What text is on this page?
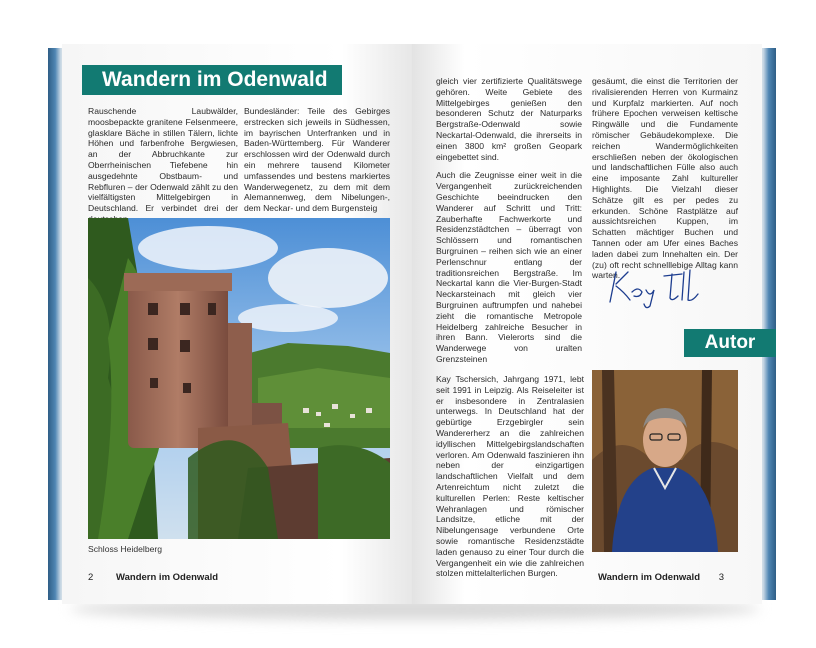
Wandern im Odenwald
Rauschende Laubwälder, moosbepackte granitene Felsenmeere, glasklare Bäche in stillen Tälern, lichte Höhen und farbenfrohe Bergwiesen, an der Abbruchkante zur Oberrheinischen Tiefebene hin ausgedehnte Obstbaum- und Rebfluren – der Odenwald zählt zu den vielfältigsten Mittelgebirgen in Deutschland. Er verbindet drei der
Bundesländer: Teile des Gebirges erstrecken sich jeweils in Südhessen, im bayrischen Unterfranken und in Baden-Württemberg. Für Wanderer erschlossen wird der Odenwald durch ein mehrere tausend Kilometer umfassendes und bestens markiertes Wanderwegenetz, zu dem mit dem Alemannenweg, dem Nibelungen-, dem Neckar- und dem Burgensteig
Schloss Heidelberg
2 Wandern im Odenwald
gleich vier zertifizierte Qualitätswege gehören. Weite Gebiete des Mittelgebirges genießen den besonderen Schutz der Naturparks Bergstraße-Odenwald sowie Neckartal-Odenwald, die ihrerseits in einen 3800 km² großen Geopark eingebettet sind.
Auch die Zeugnisse einer weit in die Vergangenheit zurückreichenden Geschichte beeindrucken den Wanderer auf Schritt und Tritt: Zauberhafte Fachwerkorte und Residenzstädtchen – überragt von Schlössern und romantischen Burgruinen – reihen sich wie an einer Perlenschnur entlang der traditionsreichen Bergstraße. Im Neckartal kann die Vier-Burgen-Stadt Neckarsteinach mit gleich vier Burgruinen auftrumpfen und nahebei zieht die romantische Metropole Heidelberg zahlreiche Besucher in ihren Bann. Vielerorts sind die Wanderwege von uralten Grenzsteinen
gesäumt, die einst die Territorien der rivalisierenden Herren von Kurmainz und Kurpfalz markierten. Auf noch frühere Epochen verweisen keltische Ringwälle und die Fundamente römischer Gebäudekomplexe. Die reichen Wandermöglichkeiten erschließen neben der ökologischen und landschaftlichen Fülle also auch eine imposante Zahl kultureller Highlights. Die Vielzahl dieser Schätze gilt es per pedes zu erkunden. Schöne Rastplätze auf aussichtsreichen Kuppen, im Schatten mächtiger Buchen und Tannen oder am Ufer eines Baches laden dabei zum Innehalten ein. Der (zu) oft recht schnelllebige Alltag kann warten.
Autor
Kay Tschersich, Jahrgang 1971, lebt seit 1991 in Leipzig. Als Reiseleiter ist er insbesondere in Zentralasien unterwegs. In Deutschland hat der gebürtige Erzgebirgler sein Wandererherz an die zahlreichen idyllischen Mittelgebirgslandschaften verloren. Am Odenwald faszinieren ihn neben der einzigartigen landschaftlichen Vielfalt und dem Artenreichtum nicht zuletzt die kulturellen Perlen: Reste keltischer Wehranlagen und römischer Landsitze, etliche mit der Nibelungensage verbundene Orte sowie romantische Residenzstädte laden genauso zu einer Tour durch die Vergangenheit ein wie die zahlreichen stolzen mittelalterlichen Burgen.	Wandern im Odenwald 3
